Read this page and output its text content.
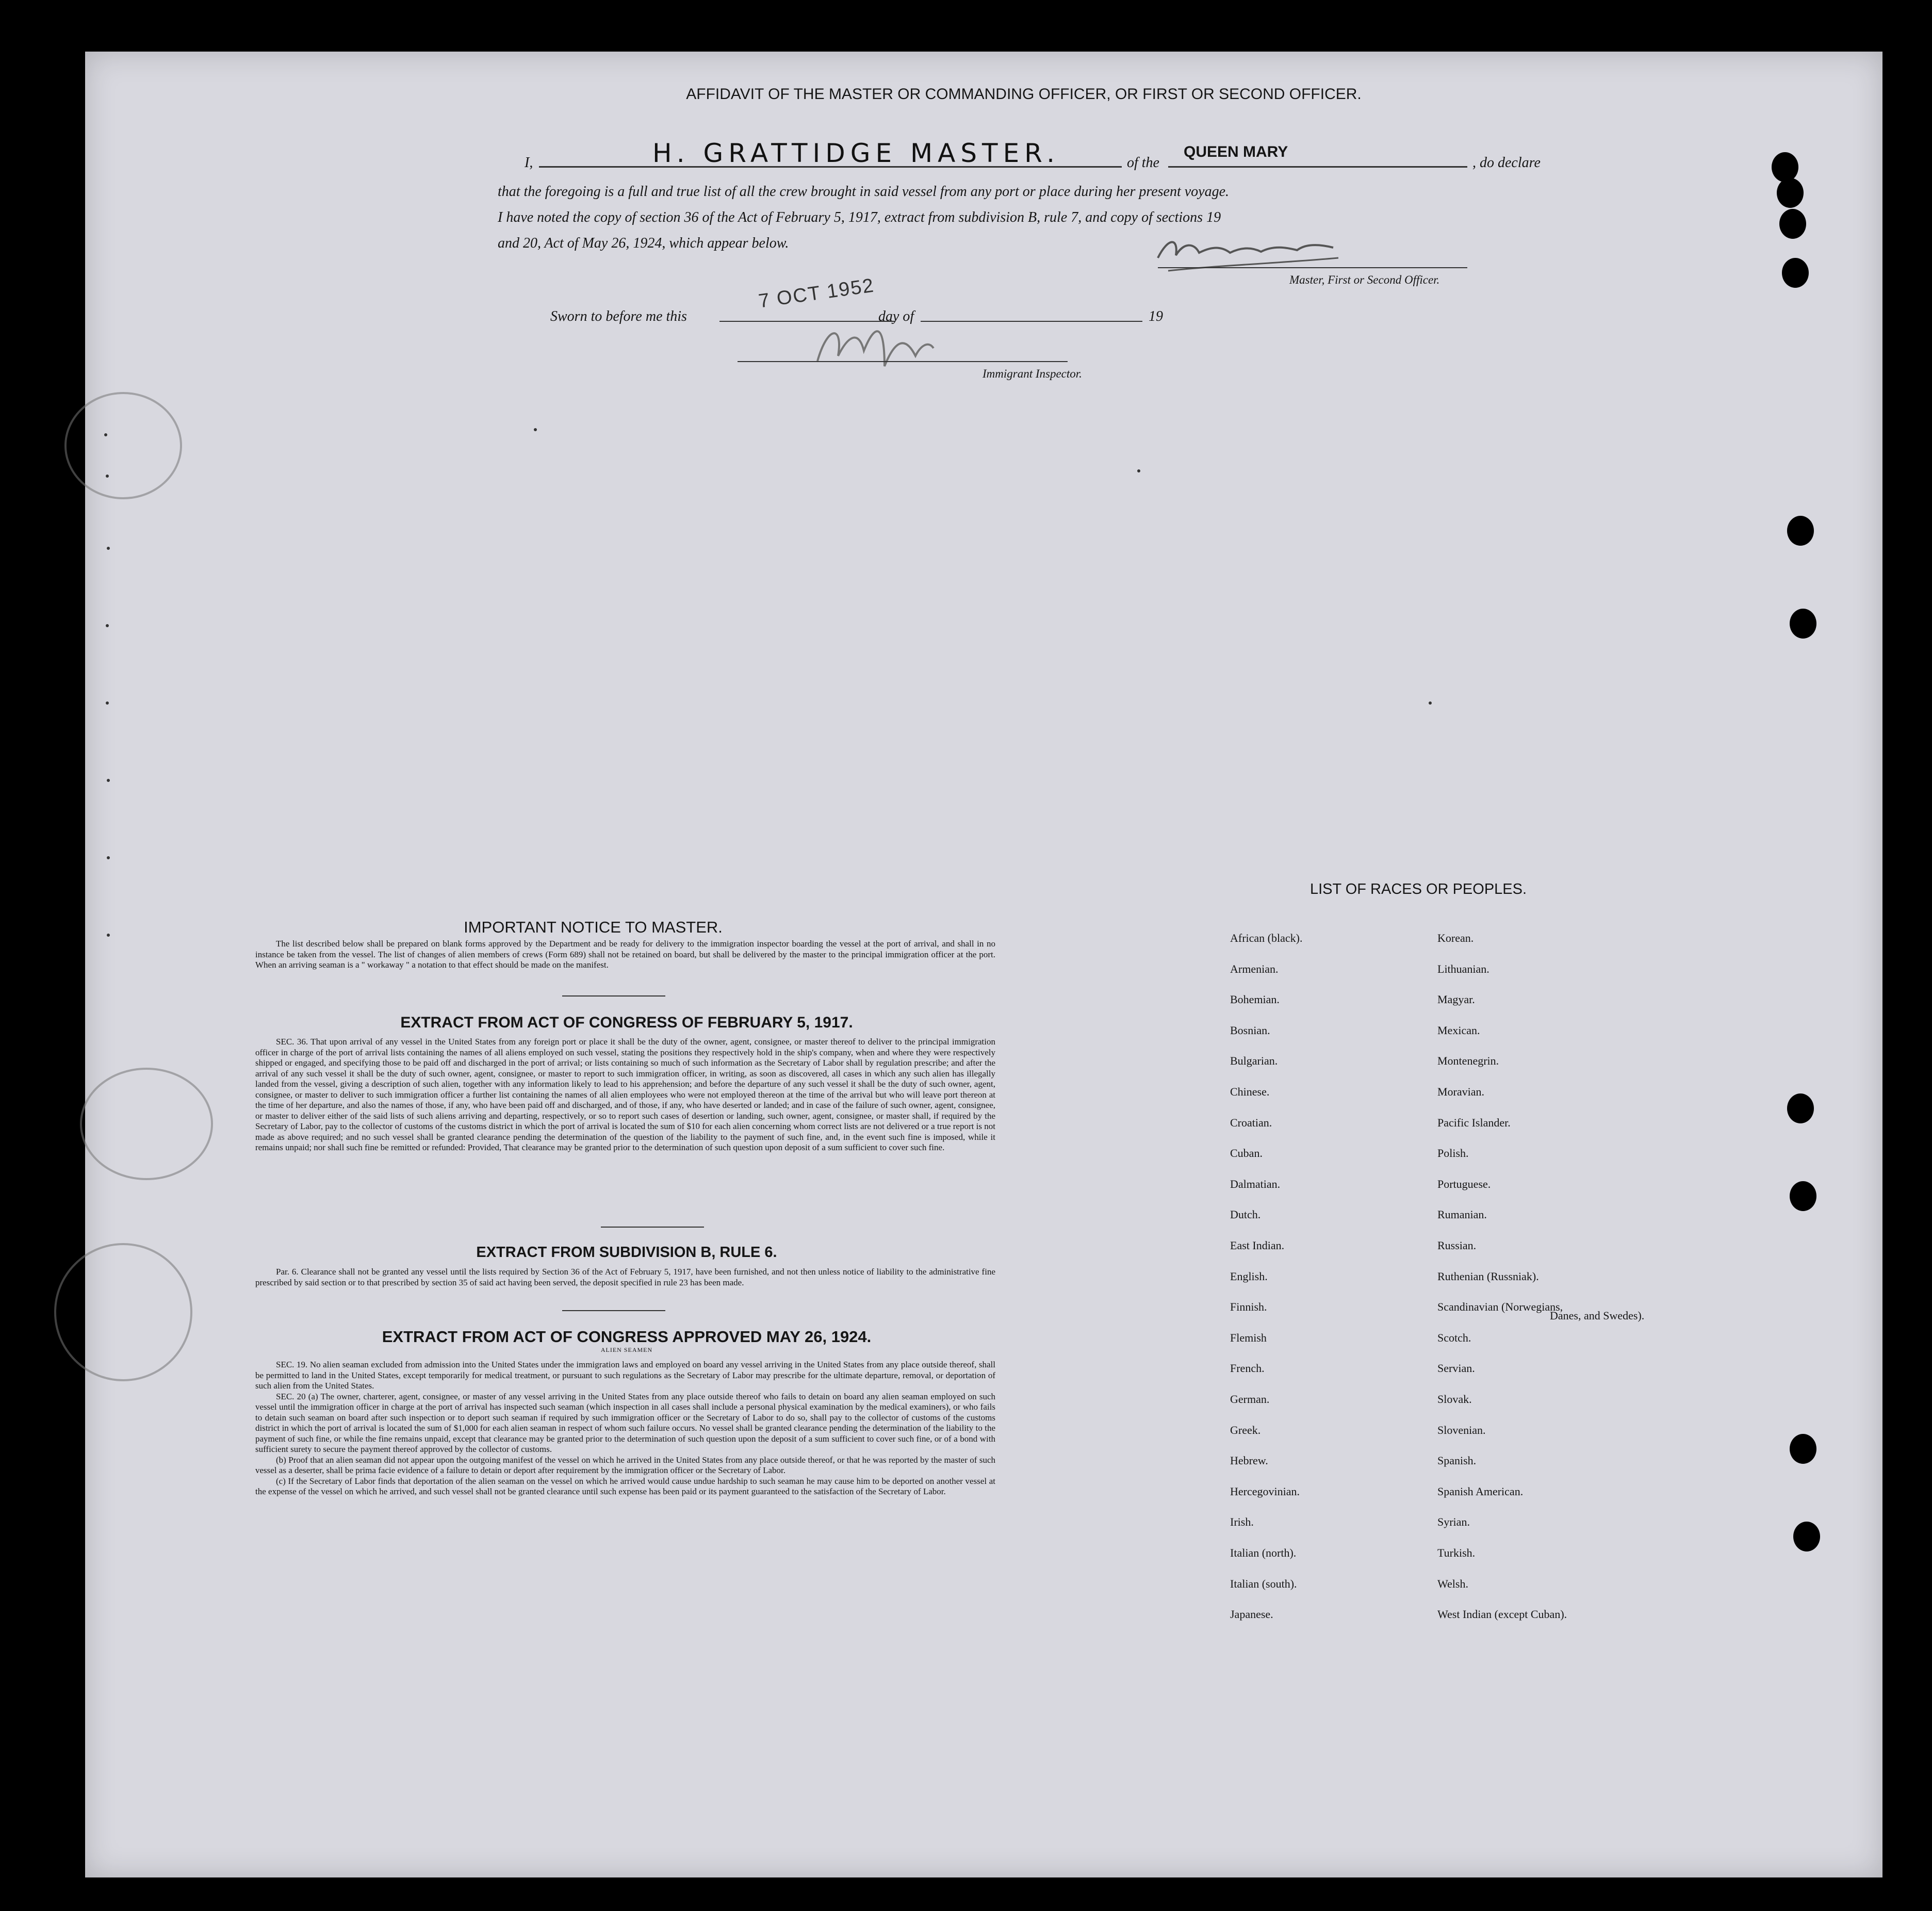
AFFIDAVIT OF THE MASTER OR COMMANDING OFFICER, OR FIRST OR SECOND OFFICER.
I,	H. GRATTIDGE MASTER.	of the
QUEEN MARY
, do declare
that the foregoing is a full and true list of all the crew brought in said vessel from any port or place during her present voyage.
I have noted the copy of section 36 of the Act of February 5, 1917, extract from subdivision B, rule 7, and copy of sections 19
and 20, Act of May 26, 1924, which appear below.
Master, First or Second Officer.
Sworn to before me this
7 OCT 1952
day of	19
Immigrant Inspector.
IMPORTANT NOTICE TO MASTER.

The list described below shall be prepared on blank forms approved by the Department and be ready for delivery to the immigration inspector boarding the vessel at the port of arrival, and shall in no instance be taken from the vessel. The list of changes of alien members of crews (Form 689) shall not be retained on board, but shall be delivered by the master to the principal immigration officer at the port. When an arriving seaman is a " workaway " a notation to that effect should be made on the manifest.

EXTRACT FROM ACT OF CONGRESS OF FEBRUARY 5, 1917.

SEC. 36. That upon arrival of any vessel in the United States from any foreign port or place it shall be the duty of the owner, agent, consignee, or master thereof to deliver to the principal immigration officer in charge of the port of arrival lists containing the names of all aliens employed on such vessel, stating the positions they respectively hold in the ship's company, when and where they were respectively shipped or engaged, and specifying those to be paid off and discharged in the port of arrival; or lists containing so much of such information as the Secretary of Labor shall by regulation prescribe; and after the arrival of any such vessel it shall be the duty of such owner, agent, consignee, or master to report to such immigration officer, in writing, as soon as discovered, all cases in which any such alien has illegally landed from the vessel, giving a description of such alien, together with any information likely to lead to his apprehension; and before the departure of any such vessel it shall be the duty of such owner, agent, consignee, or master to deliver to such immigration officer a further list containing the names of all alien employees who were not employed thereon at the time of the arrival but who will leave port thereon at the time of her departure, and also the names of those, if any, who have been paid off and discharged, and of those, if any, who have deserted or landed; and in case of the failure of such owner, agent, consignee, or master to deliver either of the said lists of such aliens arriving and departing, respectively, or so to report such cases of desertion or landing, such owner, agent, consignee, or master shall, if required by the Secretary of Labor, pay to the collector of customs of the customs district in which the port of arrival is located the sum of $10 for each alien concerning whom correct lists are not delivered or a true report is not made as above required; and no such vessel shall be granted clearance pending the determination of the question of the liability to the payment of such fine, and, in the event such fine is imposed, while it remains unpaid; nor shall such fine be remitted or refunded: Provided, That clearance may be granted prior to the determination of such question upon deposit of a sum sufficient to cover such fine.

EXTRACT FROM SUBDIVISION B, RULE 6.

Par. 6. Clearance shall not be granted any vessel until the lists required by Section 36 of the Act of February 5, 1917, have been furnished, and not then unless notice of liability to the administrative fine prescribed by said section or to that prescribed by section 35 of said act having been served, the deposit specified in rule 23 has been made.

EXTRACT FROM ACT OF CONGRESS APPROVED MAY 26, 1924.
ALIEN SEAMEN

SEC. 19. No alien seaman excluded from admission into the United States under the immigration laws and employed on board any vessel arriving in the United States from any place outside thereof, shall be permitted to land in the United States, except temporarily for medical treatment, or pursuant to such regulations as the Secretary of Labor may prescribe for the ultimate departure, removal, or deportation of such alien from the United States.

SEC. 20 (a) The owner, charterer, agent, consignee, or master of any vessel arriving in the United States from any place outside thereof who fails to detain on board any alien seaman employed on such vessel until the immigration officer in charge at the port of arrival has inspected such seaman (which inspection in all cases shall include a personal physical examination by the medical examiners), or who fails to detain such seaman on board after such inspection or to deport such seaman if required by such immigration officer or the Secretary of Labor to do so, shall pay to the collector of customs of the customs district in which the port of arrival is located the sum of $1,000 for each alien seaman in respect of whom such failure occurs. No vessel shall be granted clearance pending the determination of the liability to the payment of such fine, or while the fine remains unpaid, except that clearance may be granted prior to the determination of such question upon the deposit of a sum sufficient to cover such fine, or of a bond with sufficient surety to secure the payment thereof approved by the collector of customs.

(b) Proof that an alien seaman did not appear upon the outgoing manifest of the vessel on which he arrived in the United States from any place outside thereof, or that he was reported by the master of such vessel as a deserter, shall be prima facie evidence of a failure to detain or deport after requirement by the immigration officer or the Secretary of Labor.

(c) If the Secretary of Labor finds that deportation of the alien seaman on the vessel on which he arrived would cause undue hardship to such seaman he may cause him to be deported on another vessel at the expense of the vessel on which he arrived, and such vessel shall not be granted clearance until such expense has been paid or its payment guaranteed to the satisfaction of the Secretary of Labor.

LIST OF RACES OR PEOPLES.
African (black).
Armenian.
Bohemian.
Bosnian.
Bulgarian.
Chinese.
Croatian.
Cuban.
Dalmatian.
Dutch.
East Indian.
English.
Finnish.
Flemish
French.
German.
Greek.
Hebrew.
Hercegovinian.
Irish.
Italian (north).
Italian (south).
Japanese.
Korean.
Lithuanian.
Magyar.
Mexican.
Montenegrin.
Moravian.
Pacific Islander.
Polish.
Portuguese.
Rumanian.
Russian.
Ruthenian (Russniak).
Scandinavian (Norwegians,
Scotch.
Servian.
Slovak.
Slovenian.
Spanish.
Spanish American.
Syrian.
Turkish.
Welsh.
West Indian (except Cuban).
Danes, and Swedes).
